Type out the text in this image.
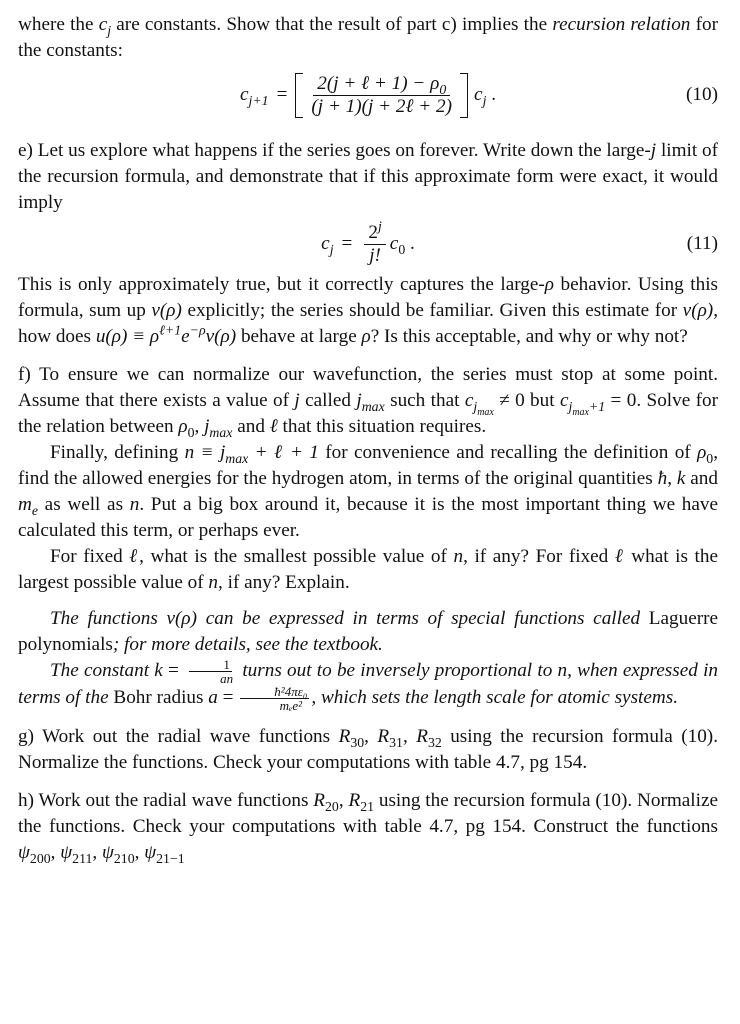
where the $c_j$ are constants. Show that the result of part c) implies the recursion relation for the constants:

$c_{j+1} = \frac{2(j + \ell + 1) - \rho_0}{\text{(j + 1)(j + 2ℓ + 2)}} c_j$ .	(10)

e) Let us explore what happens if the series goes on forever. Write down the large-j limit of the recursion formula, and demonstrate that if this approximate form were exact, it would imply

$c_j = \frac{2^j}{j!} c_0$ .	(11)

This is only approximately true, but it correctly captures the large-ρ behavior. Using this formula, sum up v(ρ) explicitly; the series should be familiar. Given this estimate for v(ρ), how does $u(\rho) \equiv \rho^{\ell+1}e^{-\rho}v(\rho)$ behave at large ρ? Is this acceptable, and why or why not?

f) To ensure we can normalize our wavefunction, the series must stop at some point. Assume that there exists a value of j called $j_{max}$ such that $c_{j_{max}} \ne 0$ but $c_{j_{max}+1} = 0$. Solve for the relation between $\rho_0$, $j_{max}$ and ℓ that this situation requires.

Finally, defining $n \equiv j_{max}$ + ℓ + 1 for convenience and recalling the definition of $\rho_0$, find the allowed energies for the hydrogen atom, in terms of the original quantities ħ, k and $m_e$ as well as n. Put a big box around it, because it is the most important thing we have calculated this term, or perhaps ever.

For fixed ℓ, what is the smallest possible value of n, if any? For fixed ℓ what is the largest possible value of n, if any? Explain.

The functions v(ρ) can be expressed in terms of special functions called Laguerre polynomials; for more details, see the textbook.

The constant $k = \frac{1}{an}$ turns out to be inversely proportional to n, when expressed in terms of the Bohr radius $a = \frac{\text{ħ²4πε₀}}{\text{mₑe²}}$ , which sets the length scale for atomic systems.

g) Work out the radial wave functions $R_{30}$, $R_{31}$, $R_{32}$ using the recursion formula (10). Normalize the functions. Check your computations with table 4.7, pg 154.

h) Work out the radial wave functions $R_{20}$, $R_{21}$ using the recursion formula (10). Normalize the functions. Check your computations with table 4.7, pg 154. Construct the functions $\psi_{200}$, $\psi_{211}$, $\psi_{210}$, $\psi_{21-1}$
